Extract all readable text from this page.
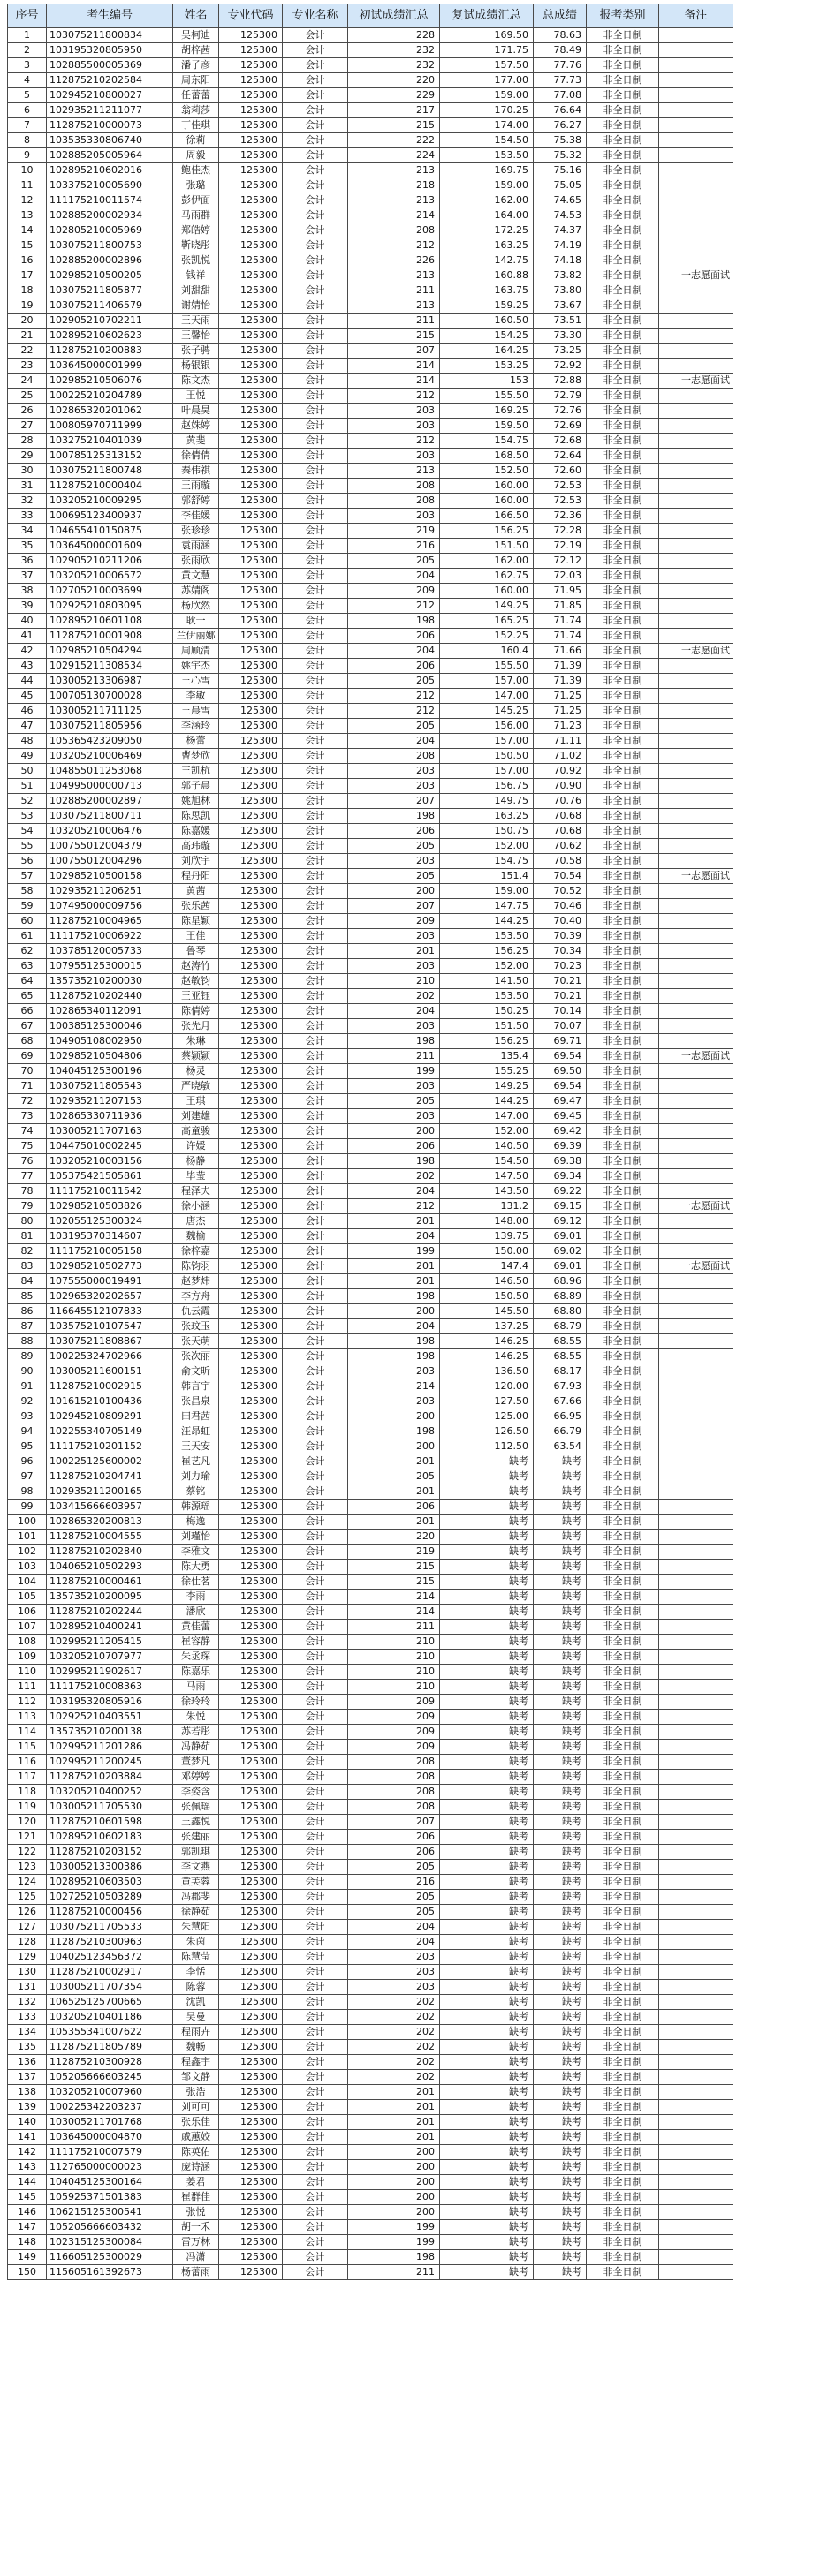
序号	考生编号	姓名	专业代码	专业名称	初试成绩汇总	复试成绩汇总	总成绩	报考类别	备注
1	103075211800834	吴柯迪	125300	会计	228	169.50	78.63	非全日制	
2	103195320805950	胡梓茜	125300	会计	232	171.75	78.49	非全日制	
3	102885500005369	潘子彦	125300	会计	232	157.50	77.76	非全日制	
4	112875210202584	周东阳	125300	会计	220	177.00	77.73	非全日制	
5	102945210800027	任蕾蕾	125300	会计	229	159.00	77.08	非全日制	
6	102935211211077	翁莉莎	125300	会计	217	170.25	76.64	非全日制	
7	112875210000073	丁佳琪	125300	会计	215	174.00	76.27	非全日制	
8	103535330806740	徐莉	125300	会计	222	154.50	75.38	非全日制	
9	102885205005964	周毅	125300	会计	224	153.50	75.32	非全日制	
10	102895210602016	鲍佳杰	125300	会计	213	169.75	75.16	非全日制	
11	103375210005690	张璐	125300	会计	218	159.00	75.05	非全日制	
12	111175210011574	彭伊面	125300	会计	213	162.00	74.65	非全日制	
13	102885200002934	马雨群	125300	会计	214	164.00	74.53	非全日制	
14	102805210005969	郑皓婷	125300	会计	208	172.25	74.37	非全日制	
15	103075211800753	靳晓彤	125300	会计	212	163.25	74.19	非全日制	
16	102885200002896	张凯悦	125300	会计	226	142.75	74.18	非全日制	
17	102985210500205	钱祥	125300	会计	213	160.88	73.82	非全日制	一志愿面试
18	103075211805877	刘甜甜	125300	会计	211	163.75	73.80	非全日制	
19	103075211406579	谢婧怡	125300	会计	213	159.25	73.67	非全日制	
20	102905210702211	王天雨	125300	会计	211	160.50	73.51	非全日制	
21	102895210602623	王馨怡	125300	会计	215	154.25	73.30	非全日制	
22	112875210200883	张子骋	125300	会计	207	164.25	73.25	非全日制	
23	103645000001999	杨银银	125300	会计	214	153.25	72.92	非全日制	
24	102985210506076	陈文杰	125300	会计	214	153	72.88	非全日制	一志愿面试
25	100225210204789	王悦	125300	会计	212	155.50	72.79	非全日制	
26	102865320201062	叶晨昊	125300	会计	203	169.25	72.76	非全日制	
27	100805970711999	赵姝婷	125300	会计	203	159.50	72.69	非全日制	
28	103275210401039	黄斐	125300	会计	212	154.75	72.68	非全日制	
29	100785125313152	徐倩倩	125300	会计	203	168.50	72.64	非全日制	
30	103075211800748	秦伟祺	125300	会计	213	152.50	72.60	非全日制	
31	112875210000404	王雨璇	125300	会计	208	160.00	72.53	非全日制	
32	103205210009295	郭舒婷	125300	会计	208	160.00	72.53	非全日制	
33	100695123400937	李佳媛	125300	会计	203	166.50	72.36	非全日制	
34	104655410150875	张珍珍	125300	会计	219	156.25	72.28	非全日制	
35	103645000001609	袁雨涵	125300	会计	216	151.50	72.19	非全日制	
36	102905210211206	张雨欣	125300	会计	205	162.00	72.12	非全日制	
37	103205210006572	黄文慧	125300	会计	204	162.75	72.03	非全日制	
38	102705210003699	苏婧阁	125300	会计	209	160.00	71.95	非全日制	
39	102925210803095	杨欣然	125300	会计	212	149.25	71.85	非全日制	
40	102895210601108	耿一	125300	会计	198	165.25	71.74	非全日制	
41	112875210001908	兰伊丽娜	125300	会计	206	152.25	71.74	非全日制	
42	102985210504294	周顾清	125300	会计	204	160.4	71.66	非全日制	一志愿面试
43	102915211308534	姚宇杰	125300	会计	206	155.50	71.39	非全日制	
44	103005213306987	王心雪	125300	会计	205	157.00	71.39	非全日制	
45	100705130700028	李敏	125300	会计	212	147.00	71.25	非全日制	
46	103005211711125	王晨雪	125300	会计	212	145.25	71.25	非全日制	
47	103075211805956	李涵玲	125300	会计	205	156.00	71.23	非全日制	
48	105365423209050	杨蕾	125300	会计	204	157.00	71.11	非全日制	
49	103205210006469	曹梦欣	125300	会计	208	150.50	71.02	非全日制	
50	104855011253068	王凯杭	125300	会计	203	157.00	70.92	非全日制	
51	104995000000713	郭子晨	125300	会计	203	156.75	70.90	非全日制	
52	102885200002897	姚旭林	125300	会计	207	149.75	70.76	非全日制	
53	103075211800711	陈思凯	125300	会计	198	163.25	70.68	非全日制	
54	103205210006476	陈嘉媛	125300	会计	206	150.75	70.68	非全日制	
55	100755012004379	高玮璇	125300	会计	205	152.00	70.62	非全日制	
56	100755012004296	刘欣宇	125300	会计	203	154.75	70.58	非全日制	
57	102985210500158	程丹阳	125300	会计	205	151.4	70.54	非全日制	一志愿面试
58	102935211206251	黄茜	125300	会计	200	159.00	70.52	非全日制	
59	107495000009756	张乐茜	125300	会计	207	147.75	70.46	非全日制	
60	112875210004965	陈星颖	125300	会计	209	144.25	70.40	非全日制	
61	111175210006922	王佳	125300	会计	203	153.50	70.39	非全日制	
62	103785120005733	鲁琴	125300	会计	201	156.25	70.34	非全日制	
63	107955125300015	赵涛竹	125300	会计	203	152.00	70.23	非全日制	
64	135735210200030	赵敏钧	125300	会计	210	141.50	70.21	非全日制	
65	112875210202440	王亚钰	125300	会计	202	153.50	70.21	非全日制	
66	102865340112091	陈倩婷	125300	会计	204	150.25	70.14	非全日制	
67	100385125300046	张先月	125300	会计	203	151.50	70.07	非全日制	
68	104905108002950	朱琳	125300	会计	198	156.25	69.71	非全日制	
69	102985210504806	蔡颖颖	125300	会计	211	135.4	69.54	非全日制	一志愿面试
70	104045125300196	杨灵	125300	会计	199	155.25	69.50	非全日制	
71	103075211805543	严晓敏	125300	会计	203	149.25	69.54	非全日制	
72	102935211207153	王琪	125300	会计	205	144.25	69.47	非全日制	
73	102865330711936	刘建雄	125300	会计	203	147.00	69.45	非全日制	
74	103005211707163	高童骏	125300	会计	200	152.00	69.42	非全日制	
75	104475010002245	许媛	125300	会计	206	140.50	69.39	非全日制	
76	103205210003156	杨静	125300	会计	198	154.50	69.38	非全日制	
77	105375421505861	毕莹	125300	会计	202	147.50	69.34	非全日制	
78	111175210011542	程泽夫	125300	会计	204	143.50	69.22	非全日制	
79	102985210503826	徐小涵	125300	会计	212	131.2	69.15	非全日制	一志愿面试
80	102055125300324	唐杰	125300	会计	201	148.00	69.12	非全日制	
81	103195370314607	魏榆	125300	会计	204	139.75	69.01	非全日制	
82	111175210005158	徐梓嘉	125300	会计	199	150.00	69.02	非全日制	
83	102985210502773	陈钧羽	125300	会计	201	147.4	69.01	非全日制	一志愿面试
84	107555000019491	赵梦炜	125300	会计	201	146.50	68.96	非全日制	
85	102965320202657	李方舟	125300	会计	198	150.50	68.89	非全日制	
86	116645512107833	仇云霞	125300	会计	200	145.50	68.80	非全日制	
87	103575210107547	张玟玉	125300	会计	204	137.25	68.79	非全日制	
88	103075211808867	张天萌	125300	会计	198	146.25	68.55	非全日制	
89	100225324702966	张次丽	125300	会计	198	146.25	68.55	非全日制	
90	103005211600151	俞文昕	125300	会计	203	136.50	68.17	非全日制	
91	112875210002915	韩言宇	125300	会计	214	120.00	67.93	非全日制	
92	101615210100436	张昌泉	125300	会计	203	127.50	67.66	非全日制	
93	102945210809291	田君茜	125300	会计	200	125.00	66.95	非全日制	
94	102255340705149	汪昂虹	125300	会计	198	126.50	66.79	非全日制	
95	111175210201152	王天安	125300	会计	200	112.50	63.54	非全日制	
96	100225125600002	崔艺凡	125300	会计	201	缺考	缺考	非全日制	
97	112875210204741	刘力瑜	125300	会计	205	缺考	缺考	非全日制	
98	102935211200165	蔡铭	125300	会计	201	缺考	缺考	非全日制	
99	103415666603957	韩源瑶	125300	会计	206	缺考	缺考	非全日制	
100	102865320200813	梅逸	125300	会计	201	缺考	缺考	非全日制	
101	112875210004555	刘瑾怡	125300	会计	220	缺考	缺考	非全日制	
102	112875210202840	李雅文	125300	会计	219	缺考	缺考	非全日制	
103	104065210502293	陈大勇	125300	会计	215	缺考	缺考	非全日制	
104	112875210000461	徐仕茗	125300	会计	215	缺考	缺考	非全日制	
105	135735210200095	李雨	125300	会计	214	缺考	缺考	非全日制	
106	112875210202244	潘欣	125300	会计	214	缺考	缺考	非全日制	
107	102895210400241	黄佳蕾	125300	会计	211	缺考	缺考	非全日制	
108	102995211205415	崔容静	125300	会计	210	缺考	缺考	非全日制	
109	103205210707977	朱丞琛	125300	会计	210	缺考	缺考	非全日制	
110	102995211902617	陈嘉乐	125300	会计	210	缺考	缺考	非全日制	
111	111175210008363	马雨	125300	会计	210	缺考	缺考	非全日制	
112	103195320805916	徐玲玲	125300	会计	209	缺考	缺考	非全日制	
113	102925210403551	朱悦	125300	会计	209	缺考	缺考	非全日制	
114	135735210200138	苏若彤	125300	会计	209	缺考	缺考	非全日制	
115	102995211201286	冯静茹	125300	会计	209	缺考	缺考	非全日制	
116	102995211200245	董梦凡	125300	会计	208	缺考	缺考	非全日制	
117	112875210203884	邓婷婷	125300	会计	208	缺考	缺考	非全日制	
118	103205210400252	李姿含	125300	会计	208	缺考	缺考	非全日制	
119	103005211705530	张佩瑶	125300	会计	208	缺考	缺考	非全日制	
120	112875210601598	王鑫悦	125300	会计	207	缺考	缺考	非全日制	
121	102895210602183	张建丽	125300	会计	206	缺考	缺考	非全日制	
122	112875210203152	郭凯琪	125300	会计	206	缺考	缺考	非全日制	
123	103005213300386	李文燕	125300	会计	205	缺考	缺考	非全日制	
124	102895210603503	黄芙蓉	125300	会计	216	缺考	缺考	非全日制	
125	102725210503289	冯郡斐	125300	会计	205	缺考	缺考	非全日制	
126	112875210000456	徐静茹	125300	会计	205	缺考	缺考	非全日制	
127	103075211705533	朱慧阳	125300	会计	204	缺考	缺考	非全日制	
128	112875210300963	朱茵	125300	会计	204	缺考	缺考	非全日制	
129	104025123456372	陈慧莹	125300	会计	203	缺考	缺考	非全日制	
130	112875210002917	李恬	125300	会计	203	缺考	缺考	非全日制	
131	103005211707354	陈蓉	125300	会计	203	缺考	缺考	非全日制	
132	106525125700665	沈凯	125300	会计	202	缺考	缺考	非全日制	
133	103205210401186	吴曼	125300	会计	202	缺考	缺考	非全日制	
134	105355341007622	程雨卉	125300	会计	202	缺考	缺考	非全日制	
135	112875211805789	魏畅	125300	会计	202	缺考	缺考	非全日制	
136	112875210300928	程鑫宇	125300	会计	202	缺考	缺考	非全日制	
137	105205666603245	邹文静	125300	会计	202	缺考	缺考	非全日制	
138	103205210007960	张浩	125300	会计	201	缺考	缺考	非全日制	
139	100225342203237	刘可可	125300	会计	201	缺考	缺考	非全日制	
140	103005211701768	张乐佳	125300	会计	201	缺考	缺考	非全日制	
141	103645000004870	戚蕙姣	125300	会计	201	缺考	缺考	非全日制	
142	111175210007579	陈英佑	125300	会计	200	缺考	缺考	非全日制	
143	112765000000023	庞诗涵	125300	会计	200	缺考	缺考	非全日制	
144	104045125300164	姜君	125300	会计	200	缺考	缺考	非全日制	
145	105925371501383	崔群佳	125300	会计	200	缺考	缺考	非全日制	
146	106215125300541	张悦	125300	会计	200	缺考	缺考	非全日制	
147	105205666603432	胡一禾	125300	会计	199	缺考	缺考	非全日制	
148	102315125300084	雷万林	125300	会计	199	缺考	缺考	非全日制	
149	116605125300029	冯潇	125300	会计	198	缺考	缺考	非全日制	
150	115605161392673	杨蕾雨	125300	会计	211	缺考	缺考	非全日制	
